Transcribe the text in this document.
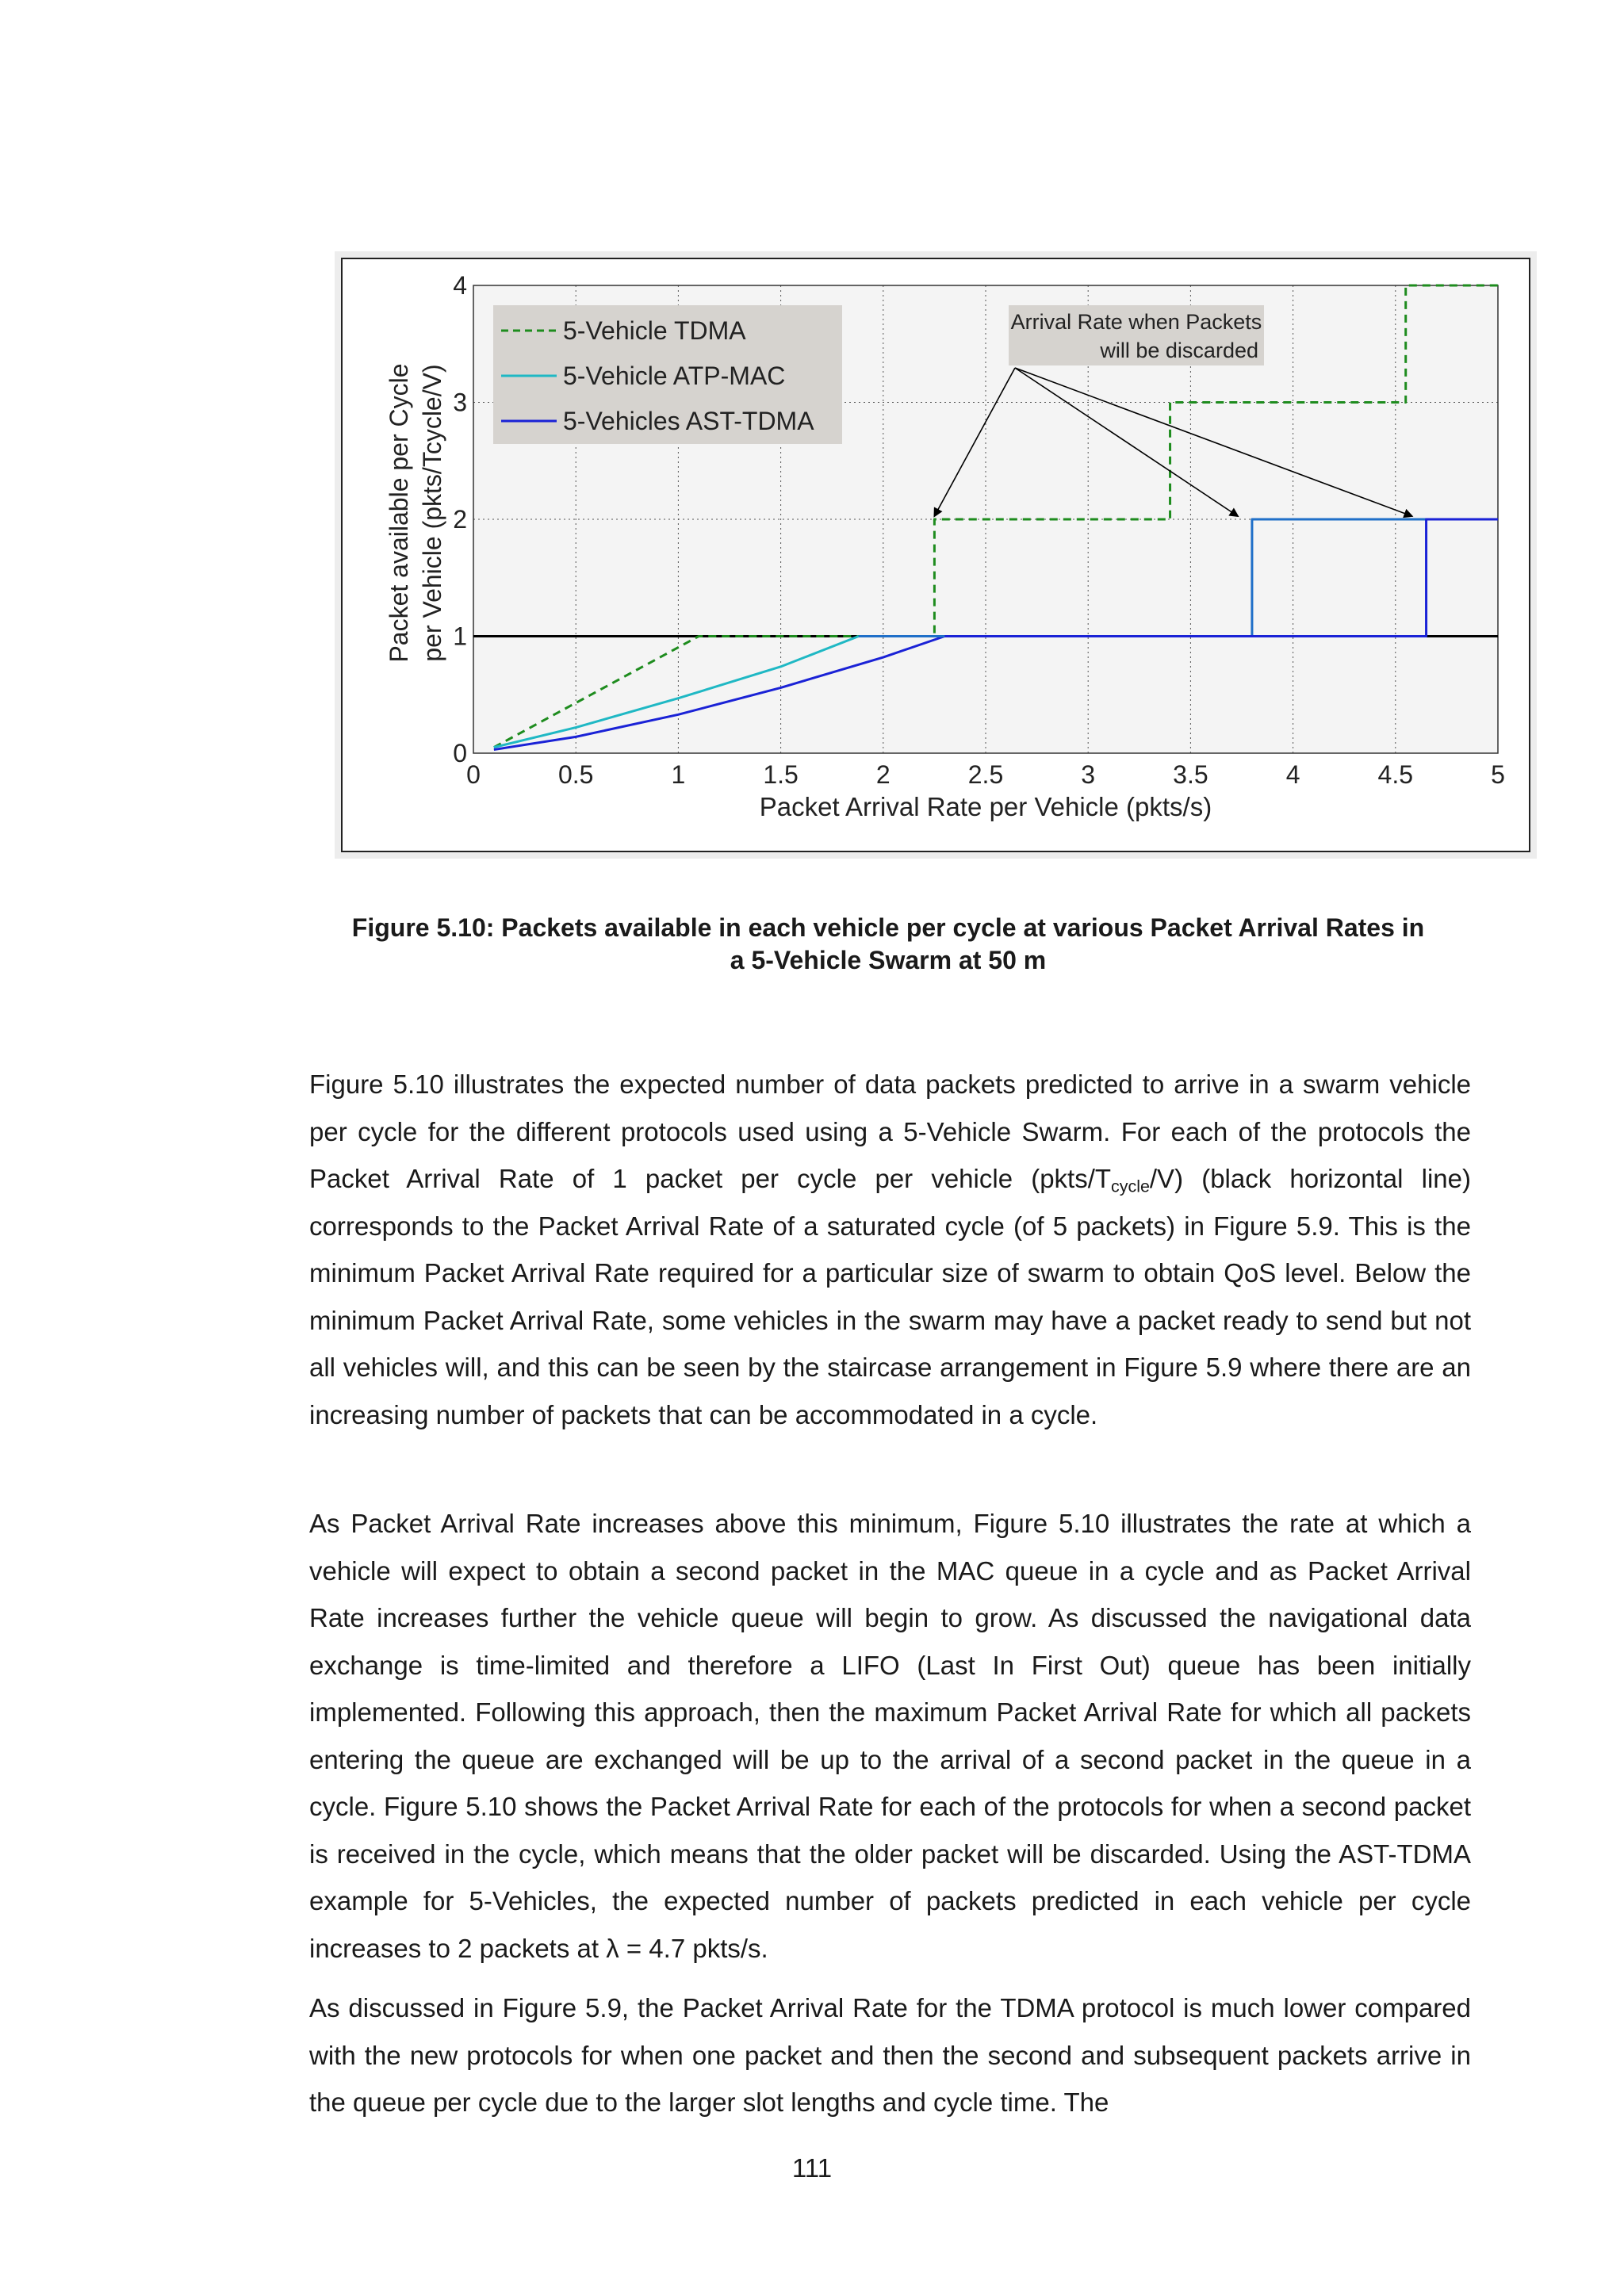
0	0.5	1	1.5	2	2.5	3	3.5	4	4.5	5
0
1
2
3
4
5-Vehicle TDMA
5-Vehicle ATP-MAC
5-Vehicles AST-TDMA
Arrival Rate when Packets
will be discarded
Packet Arrival Rate per Vehicle (pkts/s)
Packet available per Cycle per Vehicle (pkts/Tcycle/V)
Figure 5.10: Packets available in each vehicle per cycle at various Packet Arrival Rates in
a 5-Vehicle Swarm at 50 m

Figure 5.10 illustrates the expected number of data packets predicted to arrive in a swarm vehicle per cycle for the different protocols used using a 5-Vehicle Swarm. For each of the protocols the Packet Arrival Rate of 1 packet per cycle per vehicle $(pkts/T_{cycle}/V)$ (black horizontal line) corresponds to the Packet Arrival Rate of a saturated cycle (of 5 packets) in Figure 5.9. This is the minimum Packet Arrival Rate required for a particular size of swarm to obtain QoS level. Below the minimum Packet Arrival Rate, some vehicles in the swarm may have a packet ready to send but not all vehicles will, and this can be seen by the staircase arrangement in Figure 5.9 where there are an increasing number of packets that can be accommodated in a cycle.

As Packet Arrival Rate increases above this minimum, Figure 5.10 illustrates the rate at which a vehicle will expect to obtain a second packet in the MAC queue in a cycle and as Packet Arrival Rate increases further the vehicle queue will begin to grow. As discussed the navigational data exchange is time-limited and therefore a LIFO (Last In First Out) queue has been initially implemented. Following this approach, then the maximum Packet Arrival Rate for which all packets entering the queue are exchanged will be up to the arrival of a second packet in the queue in a cycle. Figure 5.10 shows the Packet Arrival Rate for each of the protocols for when a second packet is received in the cycle, which means that the older packet will be discarded. Using the AST-TDMA example for 5-Vehicles, the expected number of packets predicted in each vehicle per cycle increases to 2 packets at λ = 4.7 pkts/s.

As discussed in Figure 5.9, the Packet Arrival Rate for the TDMA protocol is much lower compared with the new protocols for when one packet and then the second and subsequent packets arrive in the queue per cycle due to the larger slot lengths and cycle time. The

111
